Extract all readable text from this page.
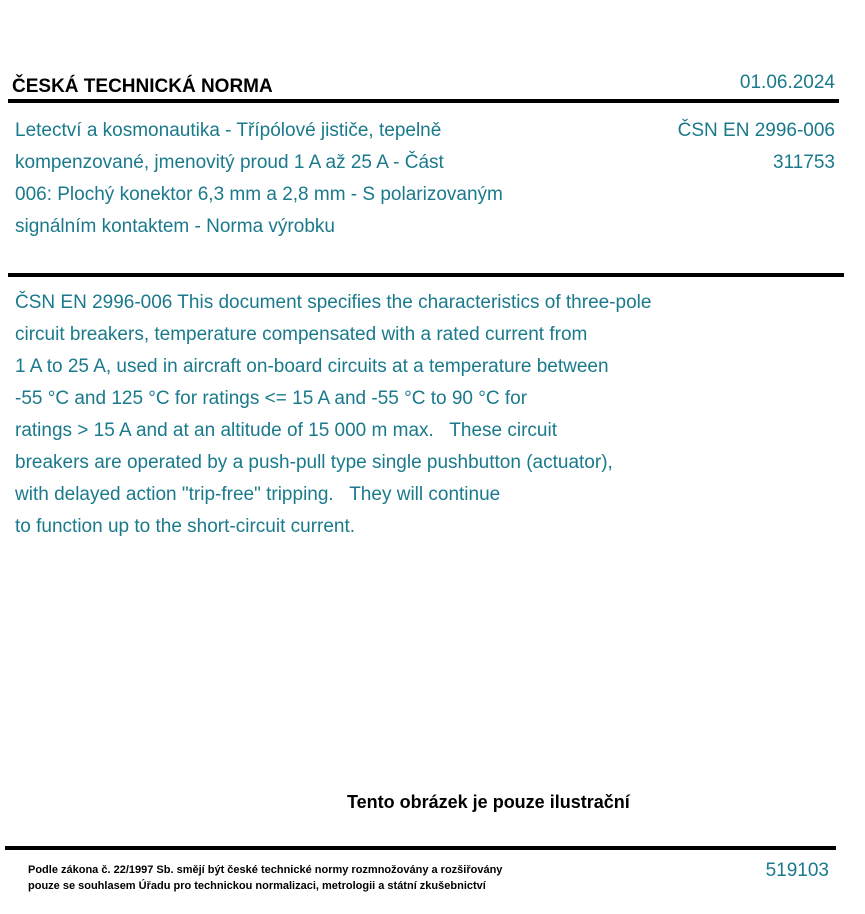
ČESKÁ TECHNICKÁ NORMA	01.06.2024
Letectví a kosmonautika - Třípólové jističe, tepelně
kompenzované, jmenovitý proud 1 A až 25 A - Část
006: Plochý konektor 6,3 mm a 2,8 mm - S polarizovaným
signálním kontaktem - Norma výrobku
ČSN EN 2996-006
311753
ČSN EN 2996-006 This document specifies the characteristics of three-pole
circuit breakers, temperature compensated with a rated current from
1 A to 25 A, used in aircraft on-board circuits at a temperature between
-55 °C and 125 °C for ratings <= 15 A and -55 °C to 90 °C for
ratings > 15 A and at an altitude of 15 000 m max.   These circuit
breakers are operated by a push-pull type single pushbutton (actuator),
with delayed action "trip-free" tripping.   They will continue
to function up to the short-circuit current.
Tento obrázek je pouze ilustrační
Podle zákona č. 22/1997 Sb. smějí být české technické normy rozmnožovány a rozšiřovány
pouze se souhlasem Úřadu pro technickou normalizaci, metrologii a státní zkušebnictví
519103
